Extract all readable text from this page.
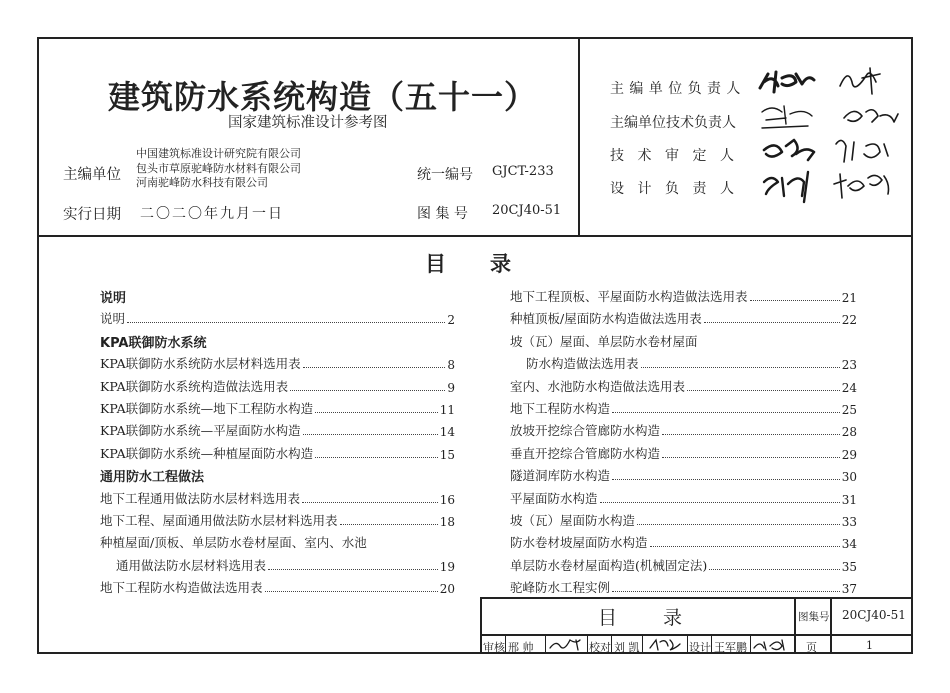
建筑防水系统构造（五十一）
国家建筑标准设计参考图
主编单位
中国建筑标准设计研究院有限公司
包头市草原驼峰防水材料有限公司
河南驼峰防水科技有限公司	统一编号 GJCT-233
实行日期 二〇二〇年九月一日	图 集 号 20CJ40-51
主编单位负责人
主编单位技术负责人
技术审定人
设计负责人
目 录
说明
说明	2
KPA联御防水系统
KPA联御防水系统防水层材料选用表	8
KPA联御防水系统构造做法选用表	9
KPA联御防水系统—地下工程防水构造	11
KPA联御防水系统—平屋面防水构造	14
KPA联御防水系统—种植屋面防水构造	15
通用防水工程做法
地下工程通用做法防水层材料选用表	16
地下工程、屋面通用做法防水层材料选用表	18
种植屋面/顶板、单层防水卷材屋面、室内、水池
通用做法防水层材料选用表	19
地下工程防水构造做法选用表	20
地下工程顶板、平屋面防水构造做法选用表	21
种植顶板/屋面防水构造做法选用表	22
坡（瓦）屋面、单层防水卷材屋面
防水构造做法选用表	23
室内、水池防水构造做法选用表	24
地下工程防水构造	25
放坡开挖综合管廊防水构造	28
垂直开挖综合管廊防水构造	29
隧道洞库防水构造	30
平屋面防水构造	31
坡（瓦）屋面防水构造	33
防水卷材坡屋面防水构造	34
单层防水卷材屋面构造(机械固定法)	35
驼峰防水工程实例	37
目 录	图集号 20CJ40-51
页	1
审核 邢 帅	校对 刘 凯	设计 王军鹏
